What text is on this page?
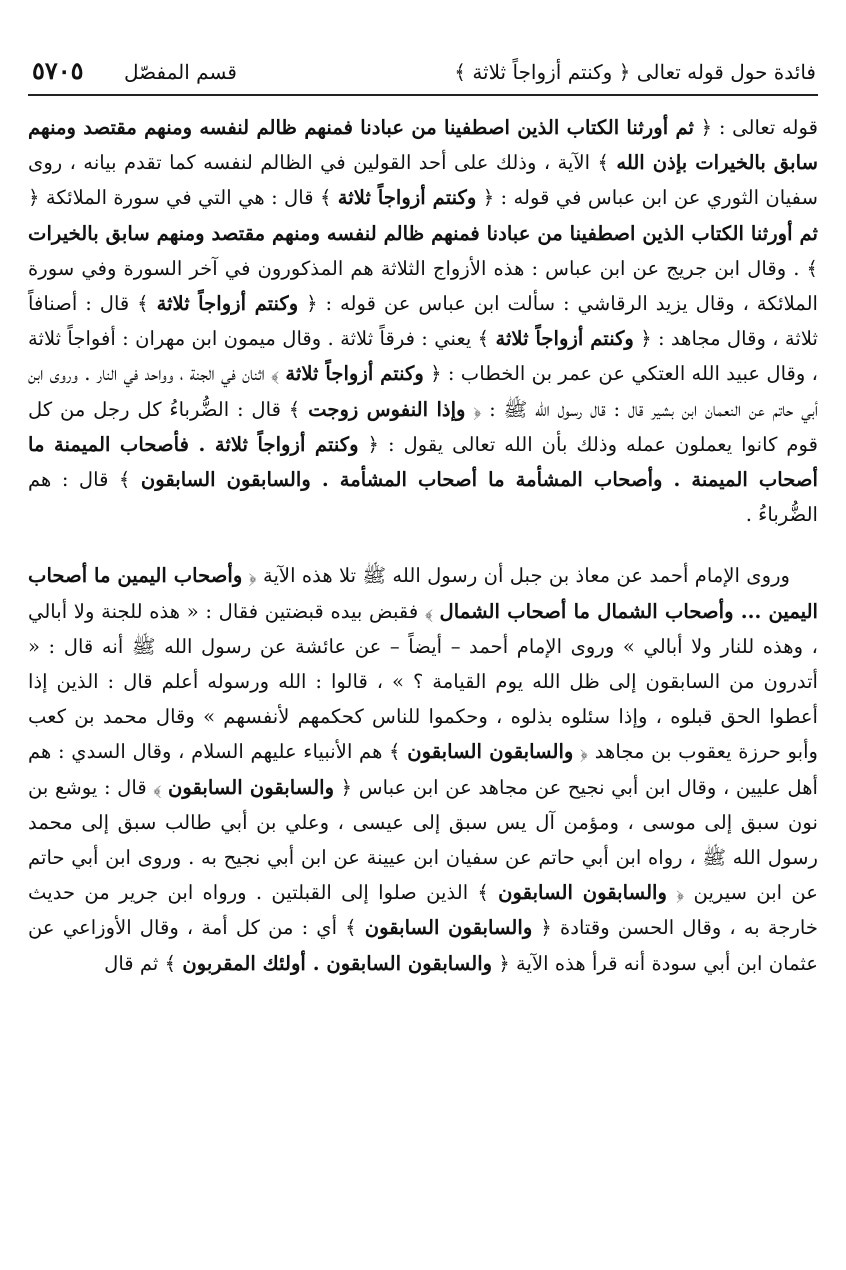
فائدة حول قوله تعالى ﴿ وكنتم أزواجاً ثلاثة ﴾
قسم المفصّل
٥٧٠٥

قوله تعالى : ﴿ ثم أورثنا الكتاب الذين اصطفينا من عبادنا فمنهم ظالم لنفسه ومنهم مقتصد ومنهم سابق بالخيرات بإذن الله ﴾ الآية ، وذلك على أحد القولين في الظالم لنفسه كما تقدم بيانه ، روى سفيان الثوري عن ابن عباس في قوله : ﴿ وكنتم أزواجاً ثلاثة ﴾ قال : هي التي في سورة الملائكة ﴿ ثم أورثنا الكتاب الذين اصطفينا من عبادنا فمنهم ظالم لنفسه ومنهم مقتصد ومنهم سابق بالخيرات ﴾ . وقال ابن جريج عن ابن عباس : هذه الأزواج الثلاثة هم المذكورون في آخر السورة وفي سورة الملائكة ، وقال يزيد الرقاشي : سألت ابن عباس عن قوله : ﴿ وكنتم أزواجاً ثلاثة ﴾ قال : أصنافاً ثلاثة ، وقال مجاهد : ﴿ وكنتم أزواجاً ثلاثة ﴾ يعني : فرقاً ثلاثة . وقال ميمون ابن مهران : أفواجاً ثلاثة ، وقال عبيد الله العتكي عن عمر بن الخطاب : ﴿ وكنتم أزواجاً ثلاثة ﴾ اثنان في الجنة ، وواحد في النار . وروى ابن أبي حاتم عن النعمان ابن بشير قال : قال رسول الله ﷺ : ﴿ وإذا النفوس زوجت ﴾ قال : الضُّرباءُ كل رجل من كل قوم كانوا يعملون عمله وذلك بأن الله تعالى يقول : ﴿ وكنتم أزواجاً ثلاثة . فأصحاب الميمنة ما أصحاب الميمنة . وأصحاب المشأمة ما أصحاب المشأمة . والسابقون السابقون ﴾ قال : هم الضُّرباءُ .

وروى الإمام أحمد عن معاذ بن جبل أن رسول الله ﷺ تلا هذه الآية ﴿ وأصحاب اليمين ما أصحاب اليمين ... وأصحاب الشمال ما أصحاب الشمال ﴾ فقبض بيده قبضتين فقال : « هذه للجنة ولا أبالي ، وهذه للنار ولا أبالي » وروى الإمام أحمد – أيضاً – عن عائشة عن رسول الله ﷺ أنه قال : « أتدرون من السابقون إلى ظل الله يوم القيامة ؟ » ، قالوا : الله ورسوله أعلم قال : الذين إذا أعطوا الحق قبلوه ، وإذا سئلوه بذلوه ، وحكموا للناس كحكمهم لأنفسهم » وقال محمد بن كعب وأبو حرزة يعقوب بن مجاهد ﴿ والسابقون السابقون ﴾ هم الأنبياء عليهم السلام ، وقال السدي : هم أهل عليين ، وقال ابن أبي نجيح عن مجاهد عن ابن عباس ﴿ والسابقون السابقون ﴾ قال : يوشع بن نون سبق إلى موسى ، ومؤمن آل يس سبق إلى عيسى ، وعلي بن أبي طالب سبق إلى محمد رسول الله ﷺ ، رواه ابن أبي حاتم عن سفيان ابن عيينة عن ابن أبي نجيح به . وروى ابن أبي حاتم عن ابن سيرين ﴿ والسابقون السابقون ﴾ الذين صلوا إلى القبلتين . ورواه ابن جرير من حديث خارجة به ، وقال الحسن وقتادة ﴿ والسابقون السابقون ﴾ أي : من كل أمة ، وقال الأوزاعي عن عثمان ابن أبي سودة أنه قرأ هذه الآية ﴿ والسابقون السابقون . أولئك المقربون ﴾ ثم قال
